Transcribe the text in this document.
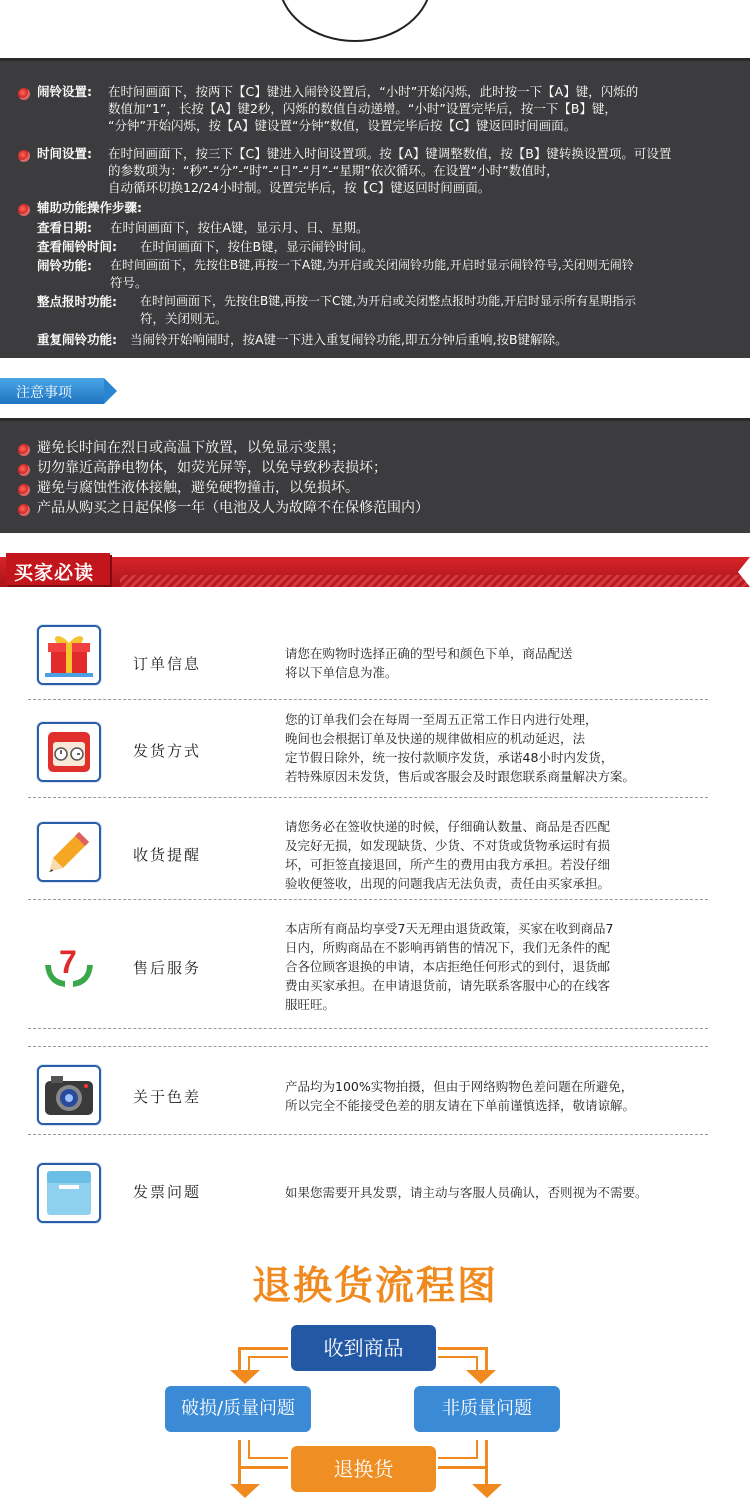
闹铃设置: 在时间画面下，按两下【C】键进入闹铃设置后，“小时”开始闪烁，此时按一下【A】键，闪烁的
数值加“1”，长按【A】键2秒，闪烁的数值自动递增。“小时”设置完毕后，按一下【B】键，
“分钟”开始闪烁，按【A】键设置“分钟”数值，设置完毕后按【C】键返回时间画面。
时间设置: 在时间画面下，按三下【C】键进入时间设置项。按【A】键调整数值，按【B】键转换设置项。可设置
的参数项为：“秒”-“分”-“时”-“日”-“月”-“星期”依次循环。在设置“小时”数值时，
自动循环切换12/24小时制。设置完毕后，按【C】键返回时间画面。
辅助功能操作步骤:
查看日期: 在时间画面下，按住A键，显示月、日、星期。
查看闹铃时间: 在时间画面下，按住B键，显示闹铃时间。
闹铃功能: 在时间画面下，先按住B键,再按一下A键,为开启或关闭闹铃功能,开启时显示闹铃符号,关闭则无闹铃
符号。
整点报时功能: 在时间画面下，先按住B键,再按一下C键,为开启或关闭整点报时功能,开启时显示所有星期指示
符，关闭则无。
重复闹铃功能: 当闹铃开始响闹时，按A键一下进入重复闹铃功能,即五分钟后重响,按B键解除。
注意事项
避免长时间在烈日或高温下放置，以免显示变黑；
切勿靠近高静电物体，如荧光屏等，以免导致秒表损坏；
避免与腐蚀性液体接触，避免硬物撞击，以免损坏。
产品从购买之日起保修一年（电池及人为故障不在保修范围内）
买家必读
订单信息
请您在购物时选择正确的型号和颜色下单，商品配送
将以下单信息为准。
发货方式
您的订单我们会在每周一至周五正常工作日内进行处理，
晚间也会根据订单及快递的规律做相应的机动延迟，法
定节假日除外，统一按付款顺序发货，承诺48小时内发货，
若特殊原因未发货，售后或客服会及时跟您联系商量解决方案。
收货提醒
请您务必在签收快递的时候，仔细确认数量、商品是否匹配
及完好无损，如发现缺货、少货、不对货或货物承运时有损
坏，可拒签直接退回，所产生的费用由我方承担。若没仔细
验收便签收，出现的问题我店无法负责，责任由买家承担。
7	售后服务
本店所有商品均享受7天无理由退货政策，买家在收到商品7
日内，所购商品在不影响再销售的情况下，我们无条件的配
合各位顾客退换的申请，本店拒绝任何形式的到付，退货邮
费由买家承担。在申请退货前，请先联系客服中心的在线客
服旺旺。
关于色差
产品均为100%实物拍摄，但由于网络购物色差问题在所避免，
所以完全不能接受色差的朋友请在下单前谨慎选择，敬请谅解。
发票问题	如果您需要开具发票，请主动与客服人员确认，否则视为不需要。
退换货流程图
收到商品
破损/质量问题	非质量问题
退换货
